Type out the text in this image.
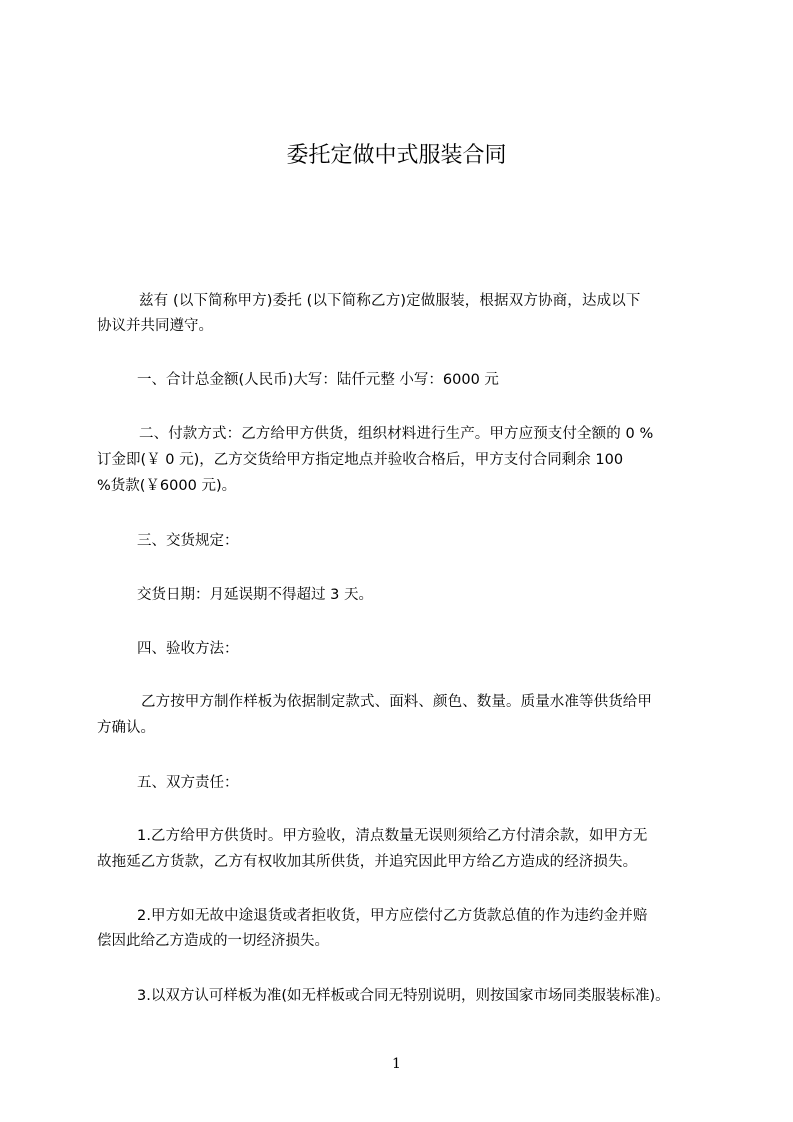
委托定做中式服装合同
兹有 (以下简称甲方)委托 (以下简称乙方)定做服装，根据双方协商，达成以下
协议并共同遵守。
一、合计总金额(人民币)大写：陆仟元整 小写：6000 元
二、付款方式：乙方给甲方供货，组织材料进行生产。甲方应预支付全额的 0 %
订金即(￥ 0 元)，乙方交货给甲方指定地点并验收合格后，甲方支付合同剩余 100
%货款(￥6000 元)。
三、交货规定：
交货日期：月延误期不得超过 3 天。
四、验收方法：
乙方按甲方制作样板为依据制定款式、面料、颜色、数量。质量水准等供货给甲
方确认。
五、双方责任：
1.乙方给甲方供货时。甲方验收，清点数量无误则须给乙方付清余款，如甲方无
故拖延乙方货款，乙方有权收加其所供货，并追究因此甲方给乙方造成的经济损失。
2.甲方如无故中途退货或者拒收货，甲方应偿付乙方货款总值的作为违约金并赔
偿因此给乙方造成的一切经济损失。
3.以双方认可样板为准(如无样板或合同无特别说明，则按国家市场同类服装标准)。
1
